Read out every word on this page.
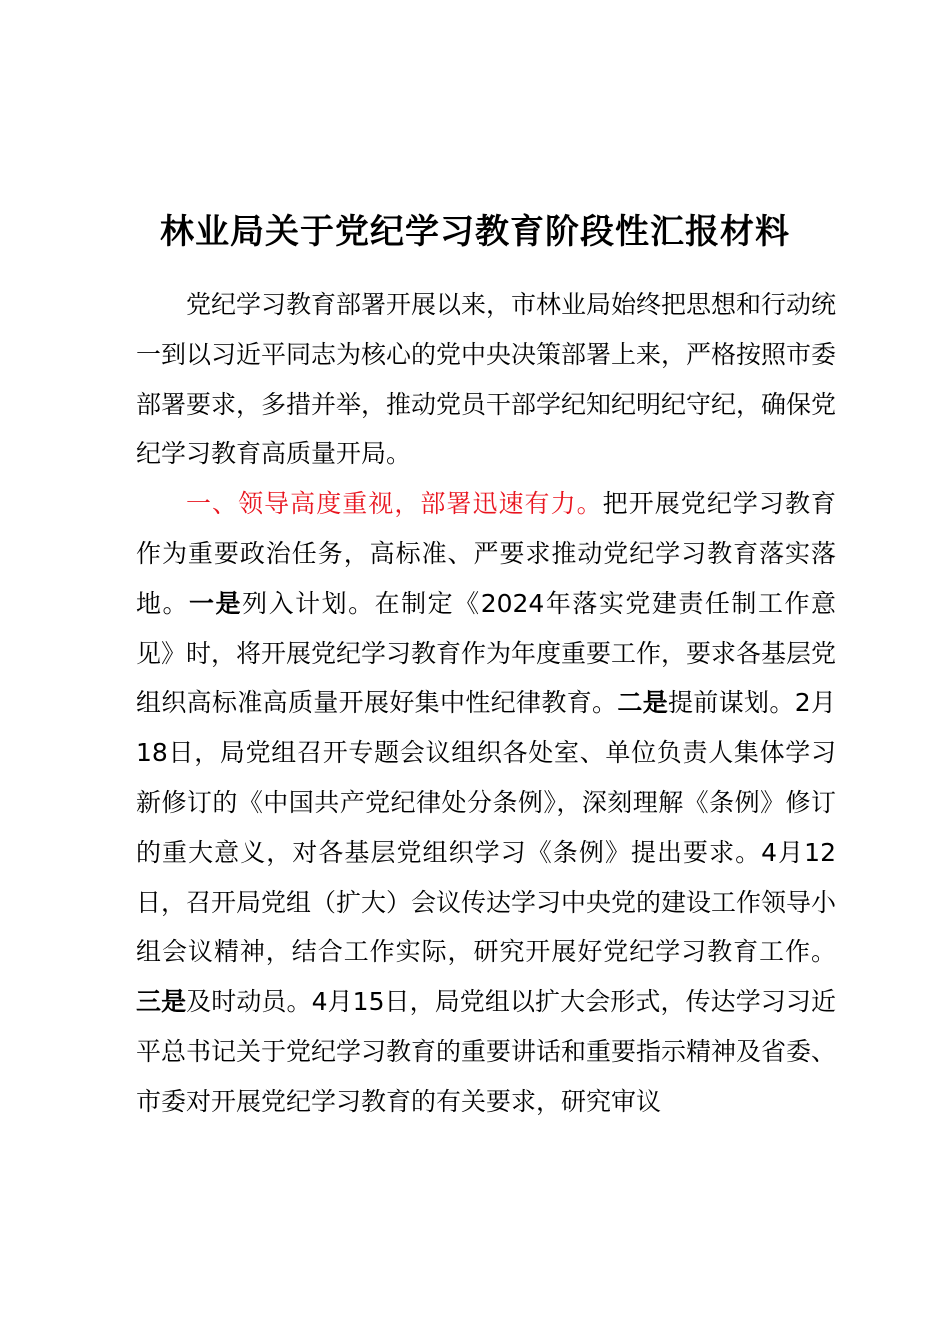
林业局关于党纪学习教育阶段性汇报材料

党纪学习教育部署开展以来，市林业局始终把思想和行动统一到以习近平同志为核心的党中央决策部署上来，严格按照市委部署要求，多措并举，推动党员干部学纪知纪明纪守纪，确保党纪学习教育高质量开局。

一、领导高度重视，部署迅速有力。把开展党纪学习教育作为重要政治任务，高标准、严要求推动党纪学习教育落实落地。一是列入计划。在制定《2024年落实党建责任制工作意见》时，将开展党纪学习教育作为年度重要工作，要求各基层党组织高标准高质量开展好集中性纪律教育。二是提前谋划。2月18日，局党组召开专题会议组织各处室、单位负责人集体学习新修订的《中国共产党纪律处分条例》，深刻理解《条例》修订的重大意义，对各基层党组织学习《条例》提出要求。4月12日，召开局党组（扩大）会议传达学习中央党的建设工作领导小组会议精神，结合工作实际，研究开展好党纪学习教育工作。三是及时动员。4月15日，局党组以扩大会形式，传达学习习近平总书记关于党纪学习教育的重要讲话和重要指示精神及省委、市委对开展党纪学习教育的有关要求，研究审议
